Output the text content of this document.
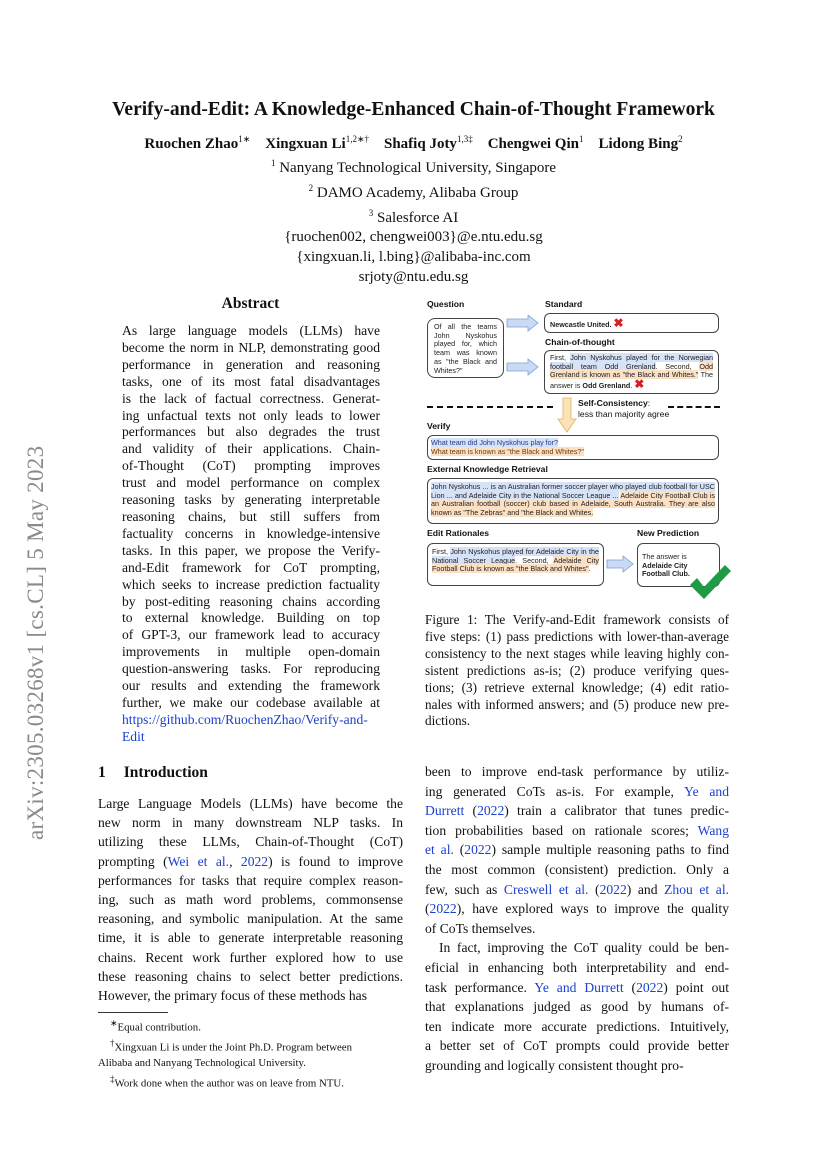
arXiv:2305.03268v1 [cs.CL] 5 May 2023
Verify-and-Edit: A Knowledge-Enhanced Chain-of-Thought Framework
Ruochen Zhao$^{1∗}$  Xingxuan $Li^{1,2∗\dagger}$  Shafiq Joty$^{1,3\ddagger}$  Chengwei Qin$^1$  Lidong Bing$^2$
$^1$ Nanyang Technological University, Singapore
$^2$ DAMO Academy, Alibaba Group
$^3$ Salesforce AI
{ruochen002, chengwei003}@e.ntu.edu.sg
{xingxuan.li, l.bing}@alibaba-inc.com
srjoty@ntu.edu.sg
Abstract
As large language models (LLMs) have
become the norm in NLP, demonstrating good
performance in generation and reasoning
tasks, one of its most fatal disadvantages
is the lack of factual correctness. Generat-
ing unfactual texts not only leads to lower
performances but also degrades the trust
and validity of their applications. Chain-
of-Thought (CoT) prompting improves
trust and model performance on complex
reasoning tasks by generating interpretable
reasoning chains, but still suffers from
factuality concerns in knowledge-intensive
tasks. In this paper, we propose the Verify-
and-Edit framework for CoT prompting,
which seeks to increase prediction factuality
by post-editing reasoning chains according
to external knowledge. Building on top
of GPT-3, our framework lead to accuracy
improvements in multiple open-domain
question-answering tasks. For reproducing
our results and extending the framework
further, we make our codebase available at
https://github.com/RuochenZhao/Verify-and-
Edit
1 Introduction
Large Language Models (LLMs) have become the
new norm in many downstream NLP tasks. In
utilizing these LLMs, Chain-of-Thought (CoT)
prompting (Wei et al., 2022) is found to improve
performances for tasks that require complex reason-
ing, such as math word problems, commonsense
reasoning, and symbolic manipulation. At the same
time, it is able to generate interpretable reasoning
chains. Recent work further explored how to use
these reasoning chains to select better predictions.
However, the primary focus of these methods has
∗Equal contribution.
†Xingxuan Li is under the Joint Ph.D. Program between
Alibaba and Nanyang Technological University.
‡Work done when the author was on leave from NTU.
Question
Of all the teams John Nyskohus played for, which team was known as "the Black and Whites?"
Standard
Newcastle United. ✖
Chain-of-thought
First, John Nyskohus played for the Norwegian football team Odd Grenland. Second, Odd Grenland is known as "the Black and Whites." The answer is Odd Grenland. ✖
Self-Consistency:
less than majority agree
Verify
What team did John Nyskohus play for?
What team is known as "the Black and Whites?"
External Knowledge Retrieval
John Nyskohus ... is an Australian former soccer player who played club football for USC Lion ... and Adelaide City in the National Soccer League ... Adelaide City Football Club is an Australian football (soccer) club based in Adelaide, South Australia. They are also known as "The Zebras" and "the Black and Whites.
Edit Rationales
First, John Nyskohus played for Adelaide City in the National Soccer League. Second, Adelaide City Football Club is known as "the Black and Whites".
New Prediction
The answer is
Adelaide City Football Club.
Figure 1: The Verify-and-Edit framework consists of
five steps: (1) pass predictions with lower-than-average
consistency to the next stages while leaving highly con-
sistent predictions as-is; (2) produce verifying ques-
tions; (3) retrieve external knowledge; (4) edit ratio-
nales with informed answers; and (5) produce new pre-
dictions.
been to improve end-task performance by utiliz-
ing generated CoTs as-is. For example, Ye and
Durrett (2022) train a calibrator that tunes predic-
tion probabilities based on rationale scores; Wang
et al. (2022) sample multiple reasoning paths to find
the most common (consistent) prediction. Only a
few, such as Creswell et al. (2022) and Zhou et al.
(2022), have explored ways to improve the quality
of CoTs themselves.
In fact, improving the CoT quality could be ben-
eficial in enhancing both interpretability and end-
task performance. Ye and Durrett (2022) point out
that explanations judged as good by humans of-
ten indicate more accurate predictions. Intuitively,
a better set of CoT prompts could provide better
grounding and logically consistent thought pro-
